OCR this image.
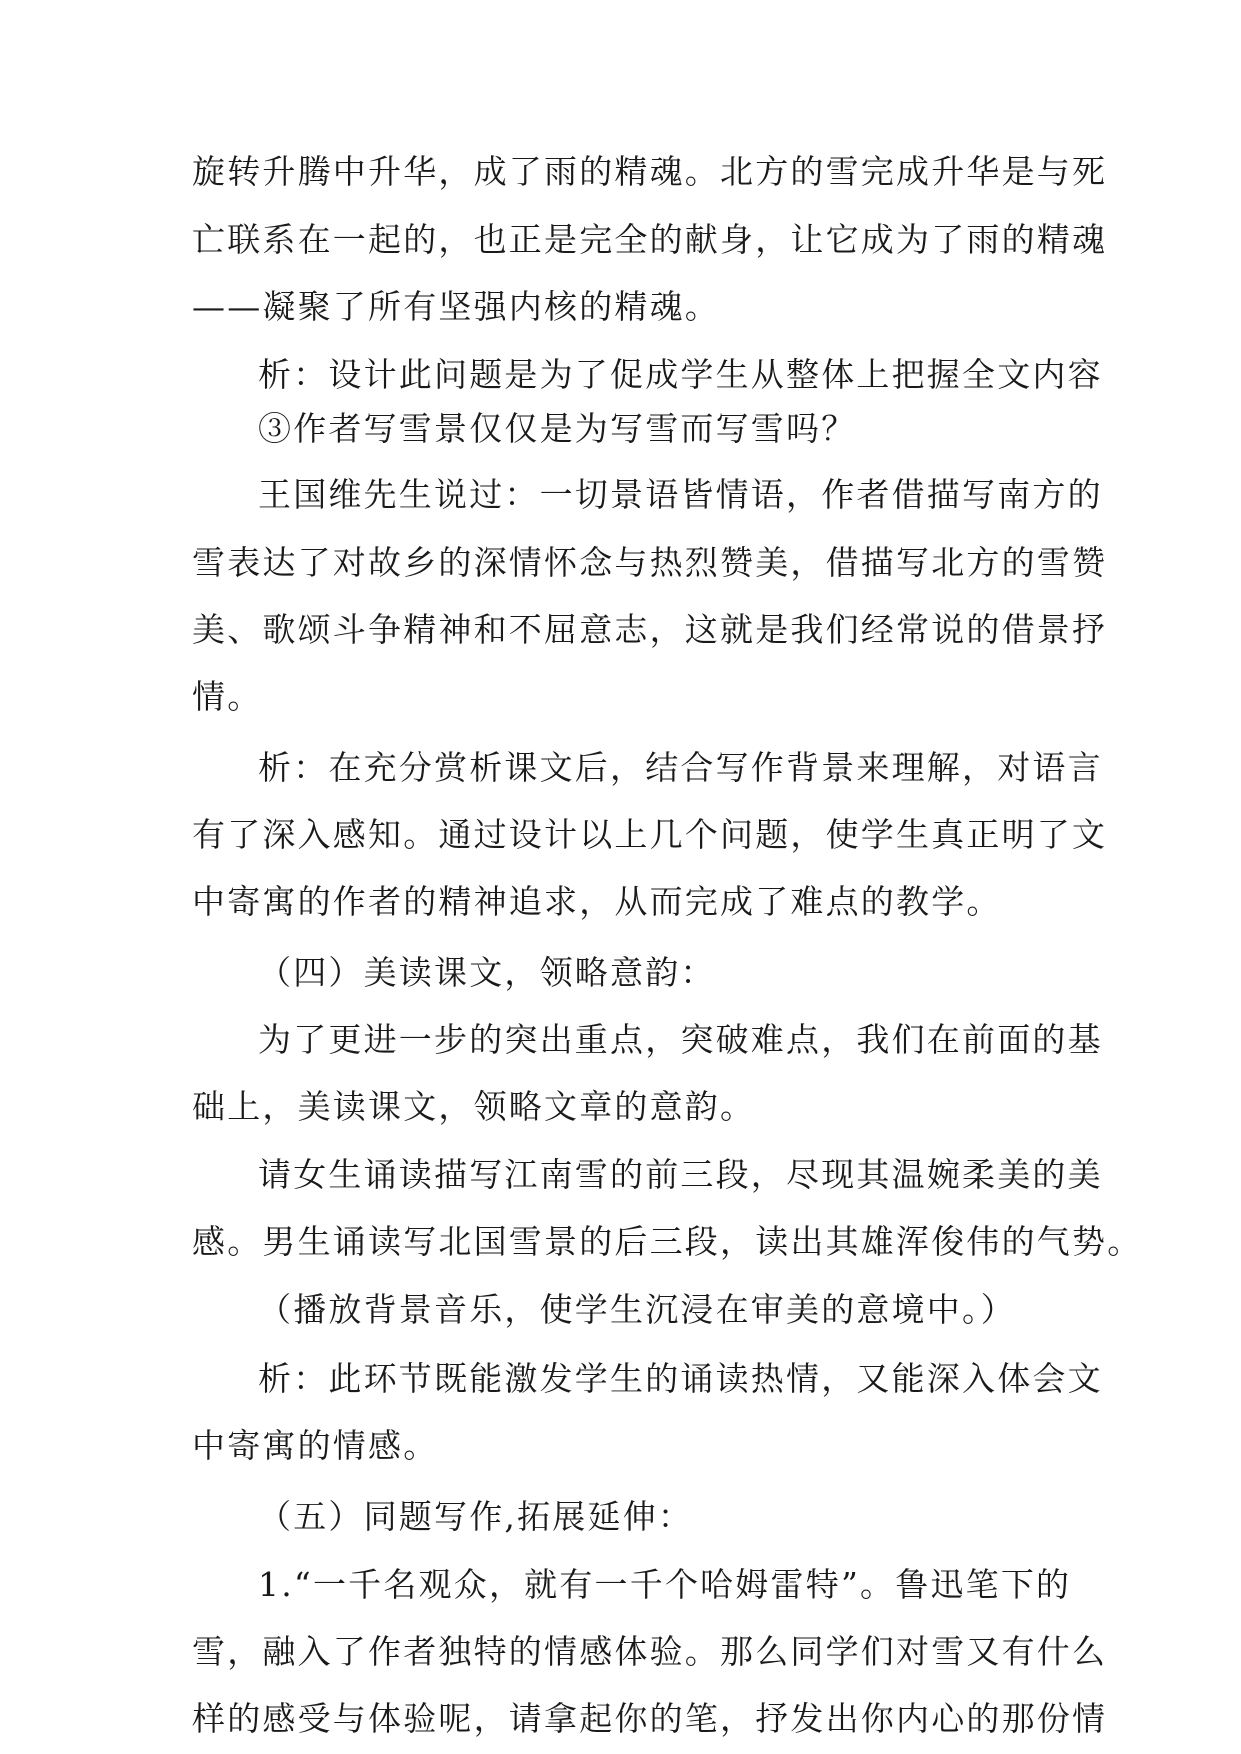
旋转升腾中升华，成了雨的精魂。北方的雪完成升华是与死
亡联系在一起的，也正是完全的献身，让它成为了雨的精魂
——凝聚了所有坚强内核的精魂。
析：设计此问题是为了促成学生从整体上把握全文内容
③作者写雪景仅仅是为写雪而写雪吗？
王国维先生说过：一切景语皆情语，作者借描写南方的
雪表达了对故乡的深情怀念与热烈赞美，借描写北方的雪赞
美、歌颂斗争精神和不屈意志，这就是我们经常说的借景抒
情。
析：在充分赏析课文后，结合写作背景来理解，对语言
有了深入感知。通过设计以上几个问题，使学生真正明了文
中寄寓的作者的精神追求，从而完成了难点的教学。
（四）美读课文，领略意韵：
为了更进一步的突出重点，突破难点，我们在前面的基
础上，美读课文，领略文章的意韵。
请女生诵读描写江南雪的前三段，尽现其温婉柔美的美
感。男生诵读写北国雪景的后三段，读出其雄浑俊伟的气势。
（播放背景音乐，使学生沉浸在审美的意境中。）
析：此环节既能激发学生的诵读热情，又能深入体会文
中寄寓的情感。
（五）同题写作,拓展延伸：
1.“一千名观众，就有一千个哈姆雷特”。鲁迅笔下的
雪，融入了作者独特的情感体验。那么同学们对雪又有什么
样的感受与体验呢，请拿起你的笔，抒发出你内心的那份情
